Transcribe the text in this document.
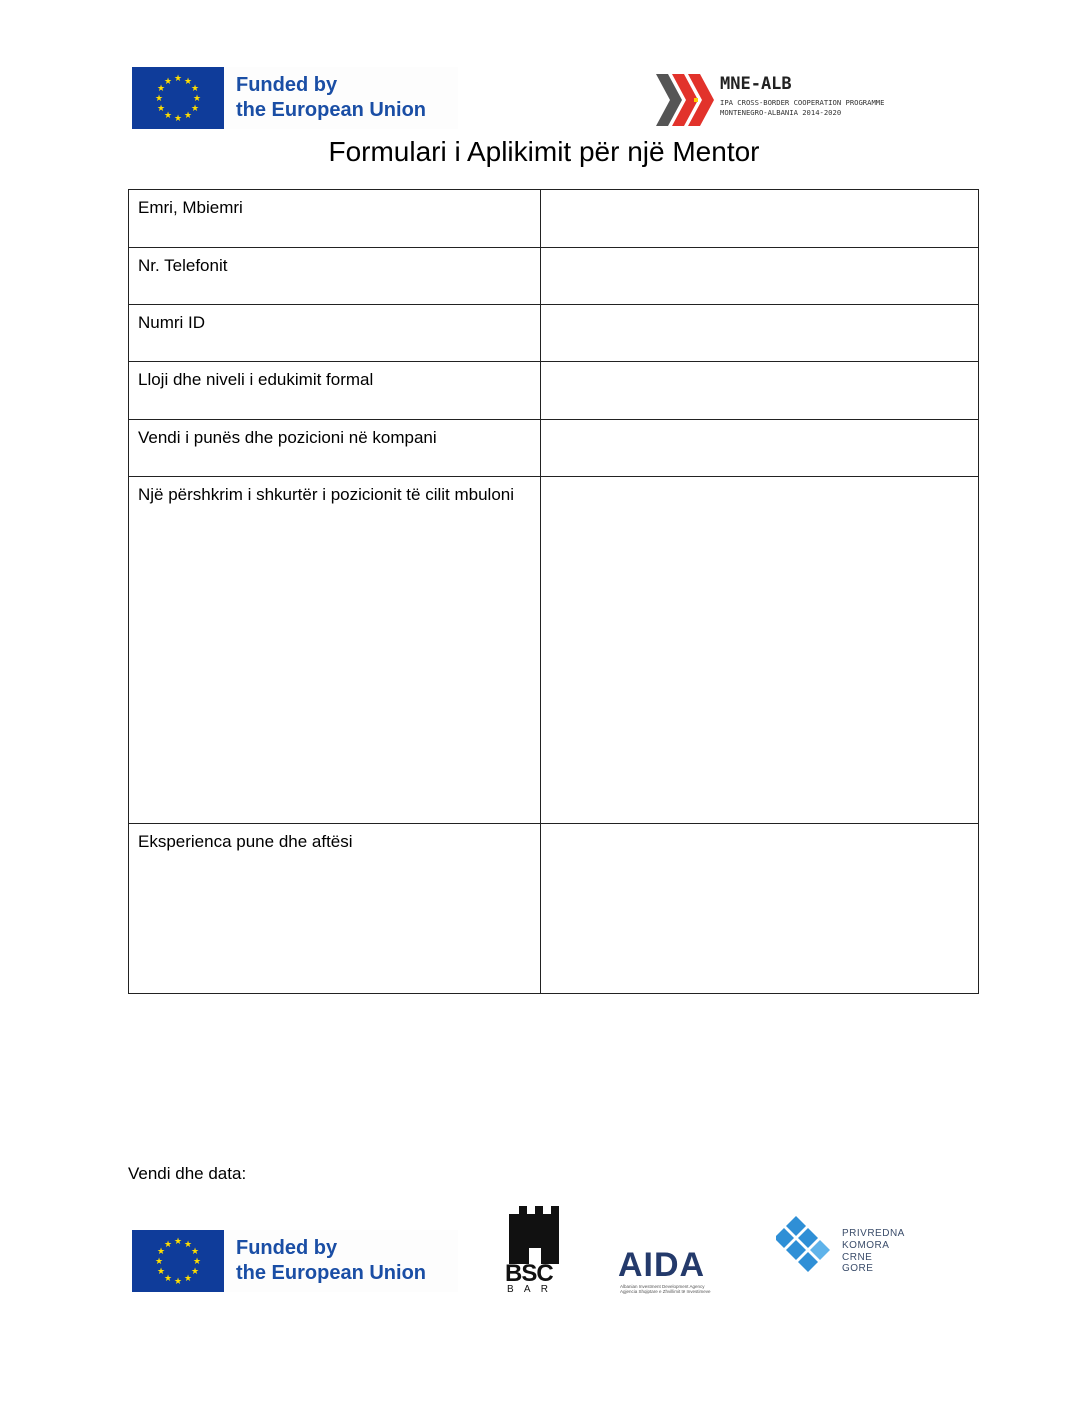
★ ★
★
★
★
★
★
★
★
★
★
★	Funded by
the European Union
MNE-ALB
IPA CROSS-BORDER COOPERATION PROGRAMME
MONTENEGRO-ALBANIA 2014-2020
Formulari i Aplikimit për një Mentor
Emri, Mbiemri	
Nr. Telefonit	
Numri ID	
Lloji dhe niveli i edukimit formal	
Vendi i punës dhe pozicioni në kompani	
Një përshkrim i shkurtër i pozicionit të cilit mbuloni	
Eksperienca pune dhe aftësi	
Vendi dhe data:
★ ★
★
★
★
★
★
★
★
★
★
★	Funded by
the European Union	BSC
B A R
AIDA
Albanian Investment Development Agency
Agjencia Shqiptare e Zhvillimit të Investimeve
PRIVREDNA
KOMORA
CRNE GORE
